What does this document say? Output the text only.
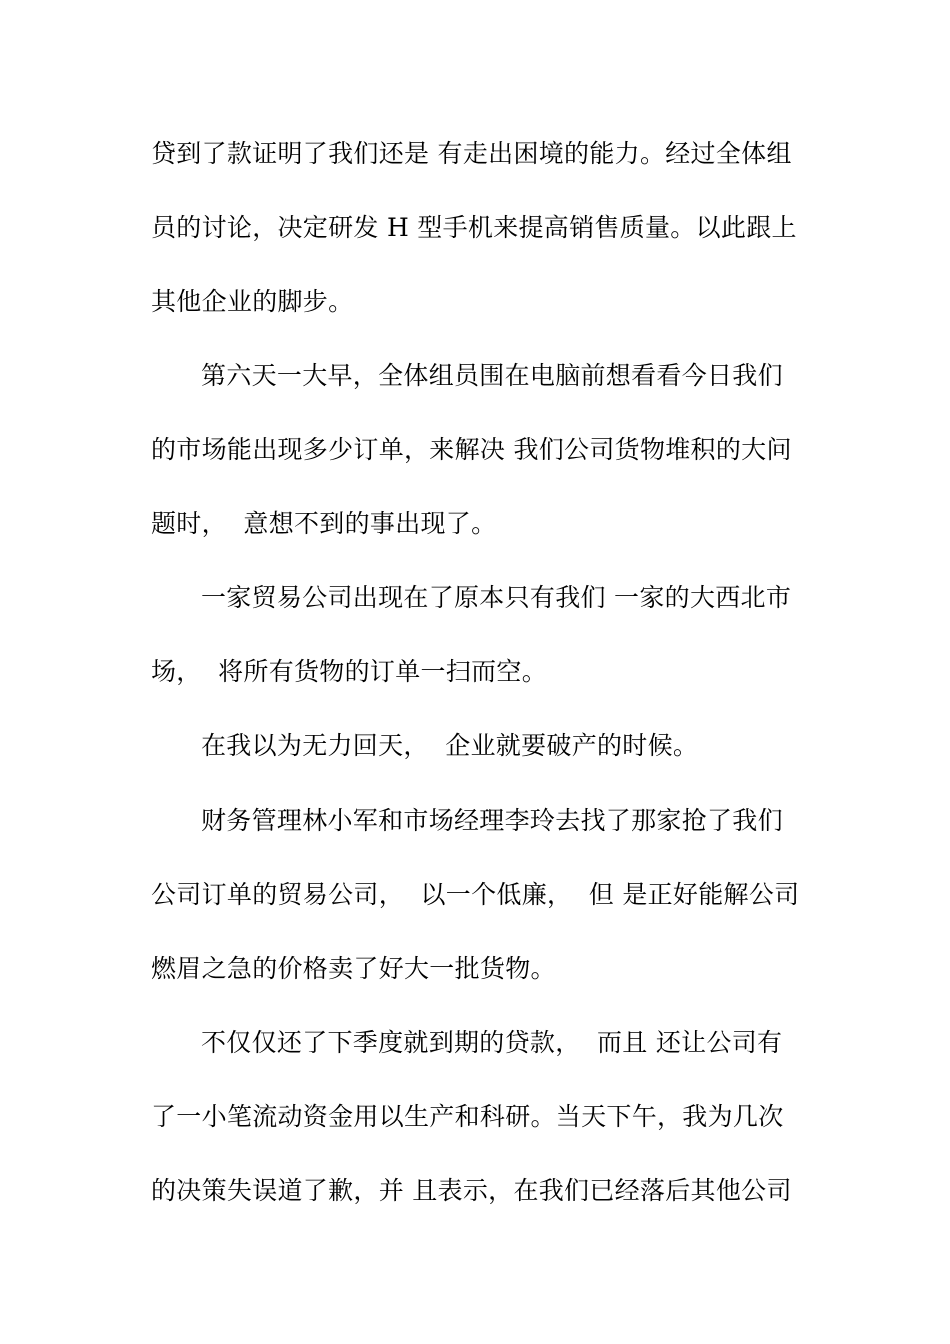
贷到了款证明了我们还是 有走出困境的能力。经过全体组
员的讨论，决定研发 H 型手机来提高销售质量。以此跟上
其他企业的脚步。
第六天一大早，全体组员围在电脑前想看看今日我们
的市场能出现多少订单，来解决 我们公司货物堆积的大问
题时，  意想不到的事出现了。
一家贸易公司出现在了原本只有我们 一家的大西北市
场，  将所有货物的订单一扫而空。
在我以为无力回天，  企业就要破产的时候。
财务管理林小军和市场经理李玲去找了那家抢了我们
公司订单的贸易公司，  以一个低廉，  但 是正好能解公司
燃眉之急的价格卖了好大一批货物。
不仅仅还了下季度就到期的贷款，  而且 还让公司有
了一小笔流动资金用以生产和科研。当天下午，我为几次
的决策失误道了歉，并 且表示，在我们已经落后其他公司
